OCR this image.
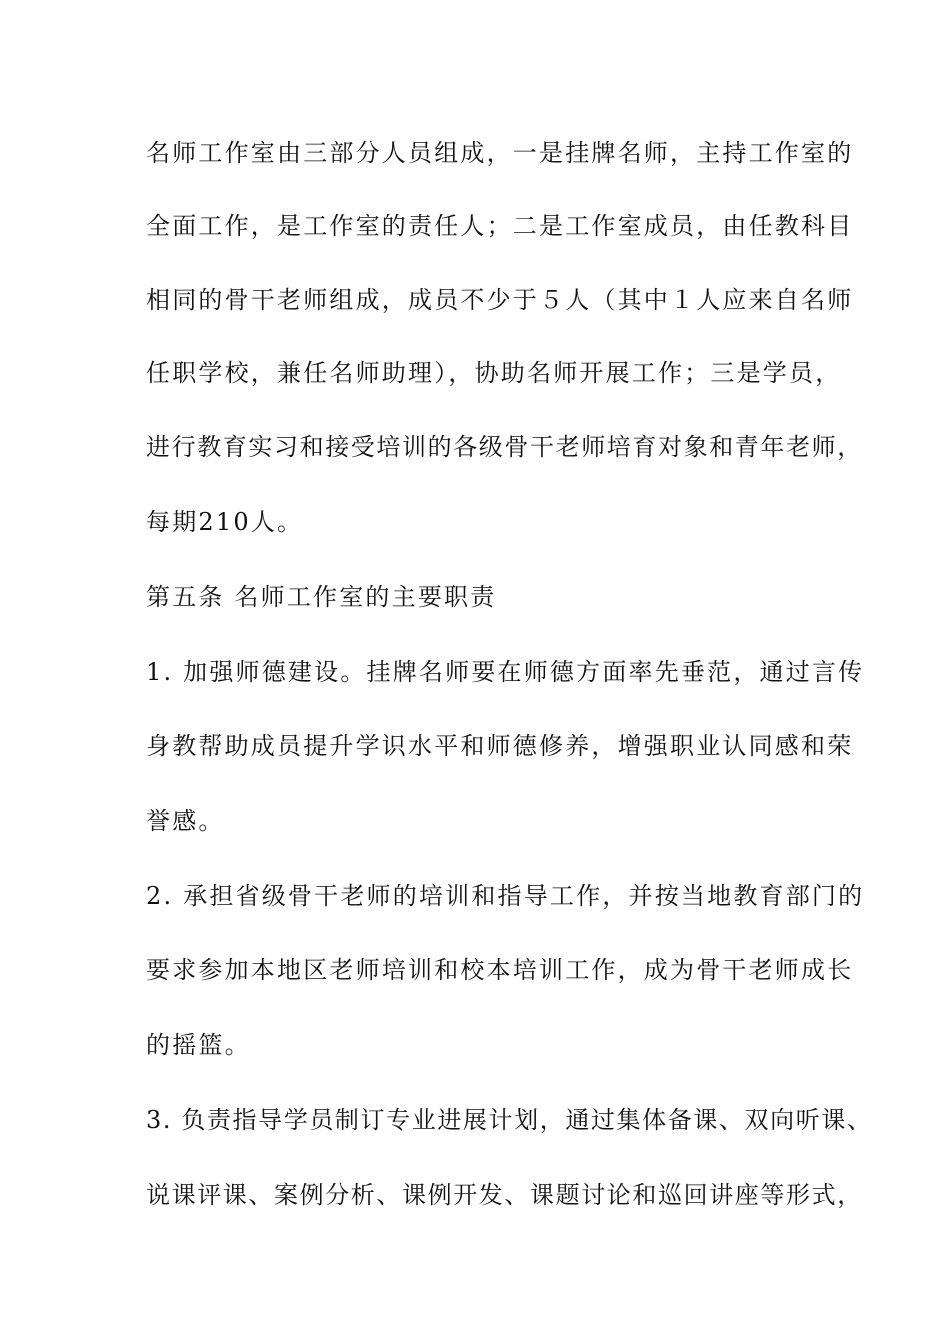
名师工作室由三部分人员组成，一是挂牌名师，主持工作室的
全面工作，是工作室的责任人；二是工作室成员，由任教科目
相同的骨干老师组成，成员不少于５人（其中１人应来自名师
任职学校，兼任名师助理），协助名师开展工作；三是学员，
进行教育实习和接受培训的各级骨干老师培育对象和青年老师，
每期210人。
第五条 名师工作室的主要职责
1. 加强师德建设。挂牌名师要在师德方面率先垂范，通过言传
身教帮助成员提升学识水平和师德修养，增强职业认同感和荣
誉感。
2. 承担省级骨干老师的培训和指导工作，并按当地教育部门的
要求参加本地区老师培训和校本培训工作，成为骨干老师成长
的摇篮。
3. 负责指导学员制订专业进展计划，通过集体备课、双向听课、
说课评课、案例分析、课例开发、课题讨论和巡回讲座等形式，
